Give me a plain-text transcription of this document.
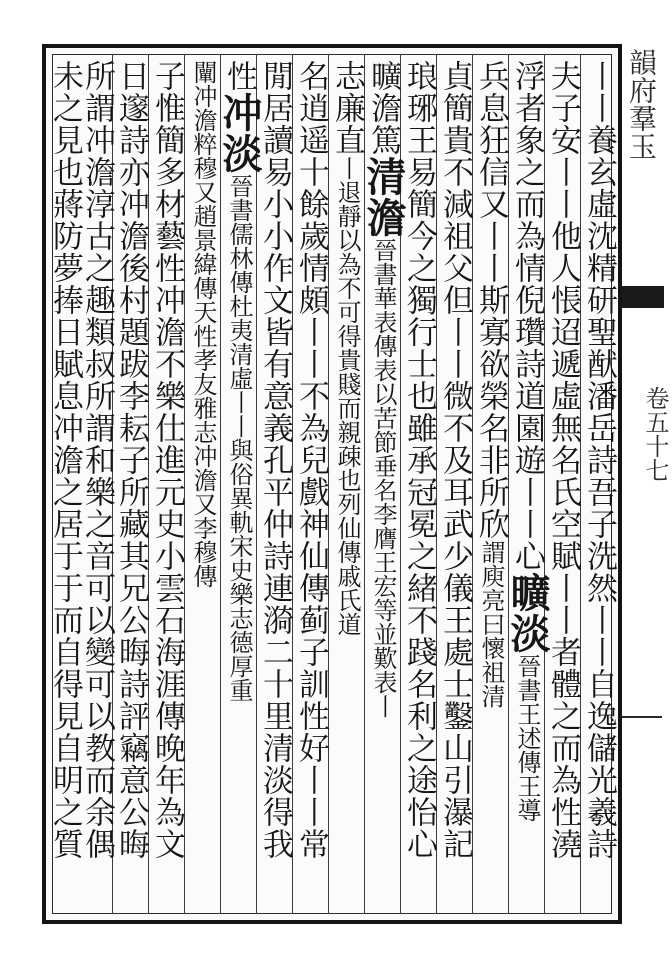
韻府羣玉
卷五十七
丨丨養玄虛沈精研聖猷潘岳詩吾子洗然丨丨自逸儲光羲詩
夫子安丨丨他人悵迢遞虛無名氏空賦丨丨者體之而為性澆
浮者象之而為情倪瓚詩道園遊丨丨心曠淡晉書王述傳王導
兵息狂信又丨丨斯寡欲榮名非所欣謂庾亮曰懷祖清
貞簡貴不減祖父但丨丨微不及耳武少儀王處士鑿山引瀑記
琅琊王易簡今之獨行士也雖承冠冕之緒不踐名利之途怡心
曠澹篤清澹晉書華表傳表以苦節垂名李膺王宏等並歎表丨
志廉直丨退靜以為不可得貴賤而親疎也列仙傳戚氏道
名逍遥十餘歲情頗丨丨不為兒戲神仙傳蓟子訓性好丨丨常
閒居讀易小小作文皆有意義孔平仲詩連漪二十里清淡得我
性冲淡晉書儒林傳杜夷清虛丨丨與俗異軌宋史樂志德厚重
闡冲澹粹穆又趙景緯傳天性孝友雅志冲澹又李穆傳
子惟簡多材藝性冲澹不樂仕進元史小雲石海涯傳晚年為文
日邃詩亦冲澹後村題跋李耘子所藏其兄公晦詩評竊意公晦
所謂冲澹淳古之趣類叔所謂和樂之音可以變可以教而余偶
未之見也蔣防夢捧日賦息冲澹之居于于而自得見自明之質
